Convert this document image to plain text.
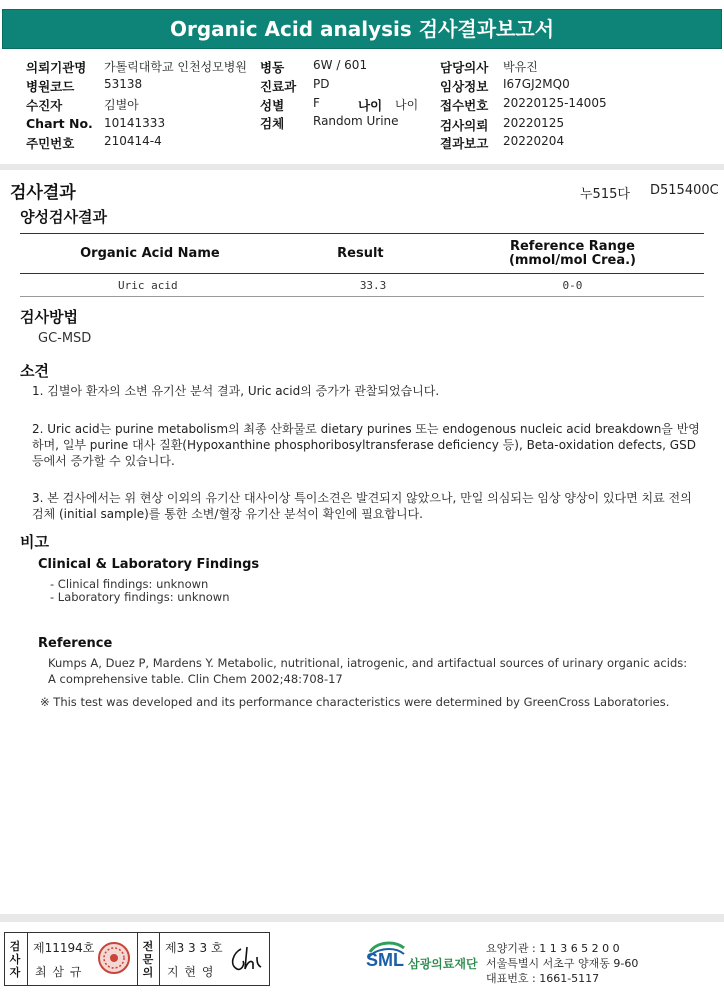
Organic Acid analysis 검사결과보고서
의뢰기관명 가톨릭대학교 인천성모병원
병원코드 53138
수진자	김별아
Chart No. 10141333
주민번호 210414-4
병동 6W / 601
진료과 PD
성별 F	나이 나이
검체 Random Urine
담당의사 박유진
임상정보 I67GJ2MQ0
접수번호 20220125-14005
검사의뢰 20220125
결과보고 20220204
검사결과	누515다 D515400C
양성검사결과
Organic Acid Name	Result	Reference Range
(mmol/mol Crea.)

Uric acid	33.3	0-0
검사방법
GC-MSD
소견
1. 김별아 환자의 소변 유기산 분석 결과, Uric acid의 증가가 관찰되었습니다.
2. Uric acid는 purine metabolism의 최종 산화물로 dietary purines 또는 endogenous nucleic acid breakdown을 반영하며, 일부 purine 대사 질환(Hypoxanthine phosphoribosyltransferase deficiency 등), Beta-oxidation defects, GSD 등에서 증가할 수 있습니다.
3. 본 검사에서는 위 현상 이외의 유기산 대사이상 특이소견은 발견되지 않았으나, 만일 의심되는 임상 양상이 있다면 치료 전의 검체 (initial sample)를 통한 소변/혈장 유기산 분석이 확인에 필요합니다.
비고
Clinical & Laboratory Findings
- Clinical findings: unknown
- Laboratory findings: unknown
Reference
Kumps A, Duez P, Mardens Y. Metabolic, nutritional, iatrogenic, and artifactual sources of urinary organic acids:
A comprehensive table. Clin Chem 2002;48:708-17
※ This test was developed and its performance characteristics were determined by GreenCross Laboratories.
검
사
자
제11194호
최 삼 규
전
문
의
제3 3 3 호
지 현 영
SML 삼광의료재단
요양기관 : 1 1 3 6 5 2 0 0
서울특별시 서초구 양재동 9-60
대표번호 : 1661-5117
